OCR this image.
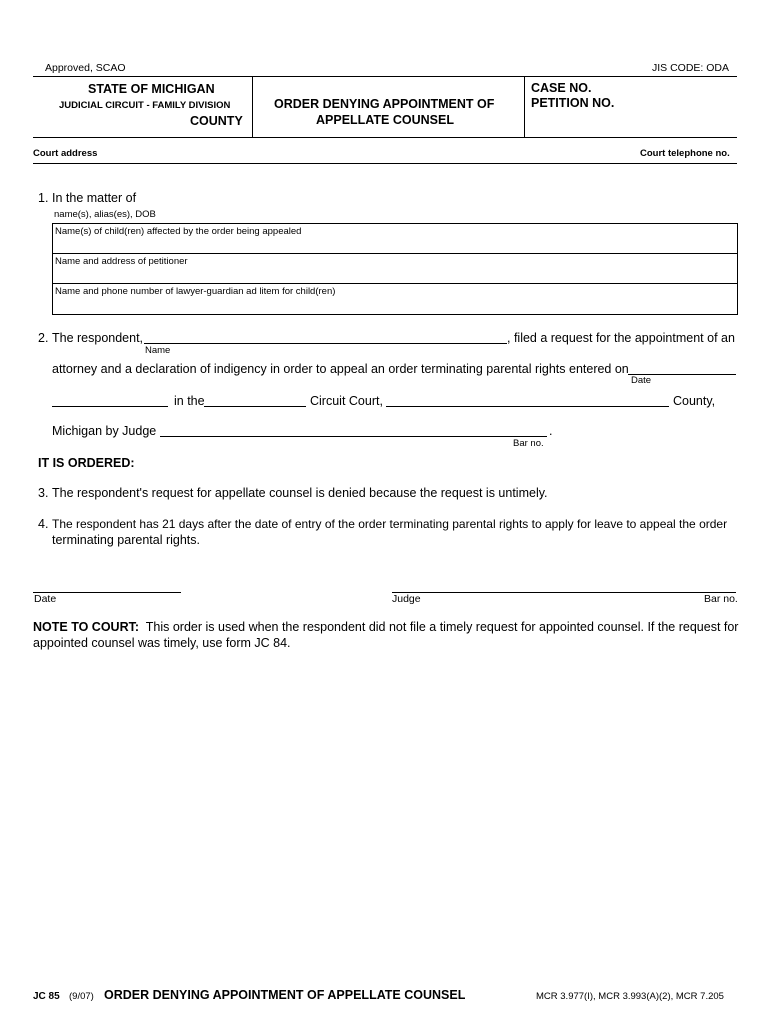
Approved, SCAO	JIS CODE: ODA
STATE OF MICHIGAN
JUDICIAL CIRCUIT - FAMILY DIVISION
COUNTY
ORDER DENYING APPOINTMENT OF
APPELLATE COUNSEL
CASE NO.
PETITION NO.
Court address	Court telephone no.
1. In the matter of
name(s), alias(es), DOB
Name(s) of child(ren) affected by the order being appealed
Name and address of petitioner
Name and phone number of lawyer-guardian ad litem for child(ren)
2. The respondent,	, filed a request for the appointment of an
Name
attorney and a declaration of indigency in order to appeal an order terminating parental rights entered on
Date
in the	Circuit Court,	County,
Michigan by Judge	.
Bar no.
IT IS ORDERED:
3. The respondent's request for appellate counsel is denied because the request is untimely.
4. The respondent has 21 days after the date of entry of the order terminating parental rights to apply for leave to appeal the order
terminating parental rights.
Date	Judge	Bar no.
NOTE TO COURT: This order is used when the respondent did not file a timely request for appointed counsel. If the request for
appointed counsel was timely, use form JC 84.
JC 85 (9/07) ORDER DENYING APPOINTMENT OF APPELLATE COUNSEL	MCR 3.977(I), MCR 3.993(A)(2), MCR 7.205
